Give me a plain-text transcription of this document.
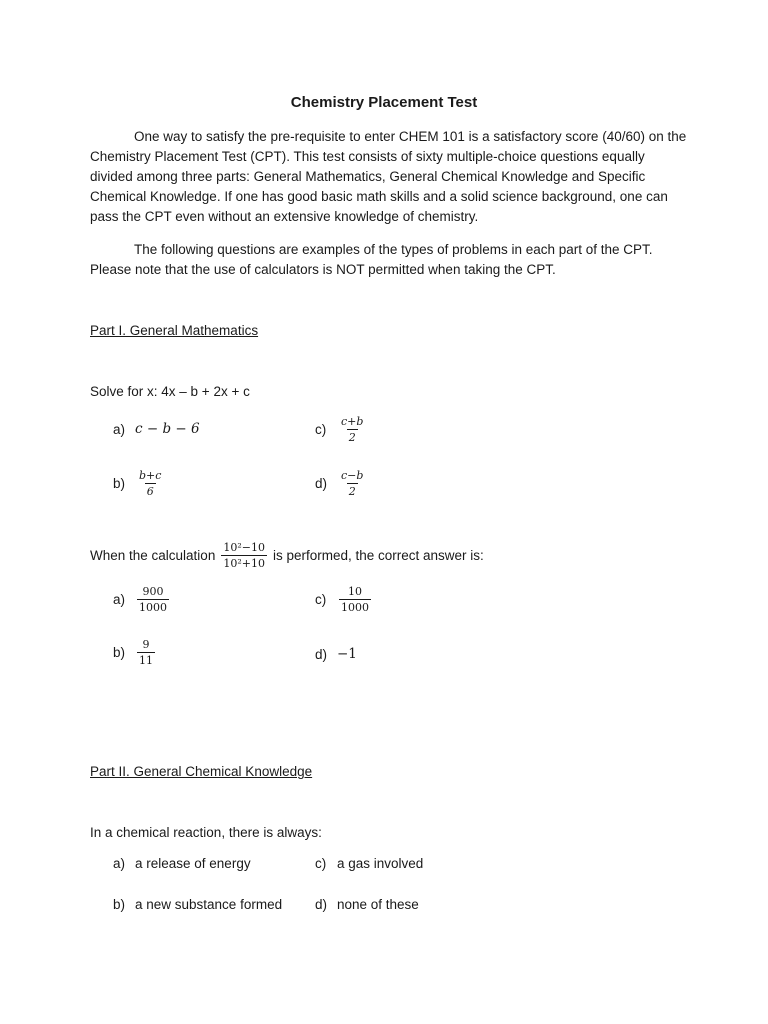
Chemistry Placement Test
One way to satisfy the pre-requisite to enter CHEM 101 is a satisfactory score (40/60) on the Chemistry Placement Test (CPT). This test consists of sixty multiple-choice questions equally divided among three parts: General Mathematics, General Chemical Knowledge and Specific Chemical Knowledge. If one has good basic math skills and a solid science background, one can pass the CPT even without an extensive knowledge of chemistry.
The following questions are examples of the types of problems in each part of the CPT. Please note that the use of calculators is NOT permitted when taking the CPT.
Part I. General Mathematics
Solve for x: 4x – b + 2x + c
a) c − b − 6
b)	$\frac{b+c}{6}$
c)	$\frac{c+b}{2}$
d)	$\frac{c-b}{2}$
When the calculation $\frac{\text{10²−10}}{\text{10²+10}}$ is performed, the correct answer is:
a)	$\frac{900}{1000}$
b)	$\frac{9}{11}$
c)	$\frac{10}{1000}$
d) −1
Part II. General Chemical Knowledge
In a chemical reaction, there is always:
a) a release of energy
b) a new substance formed
c) a gas involved
d) none of these
